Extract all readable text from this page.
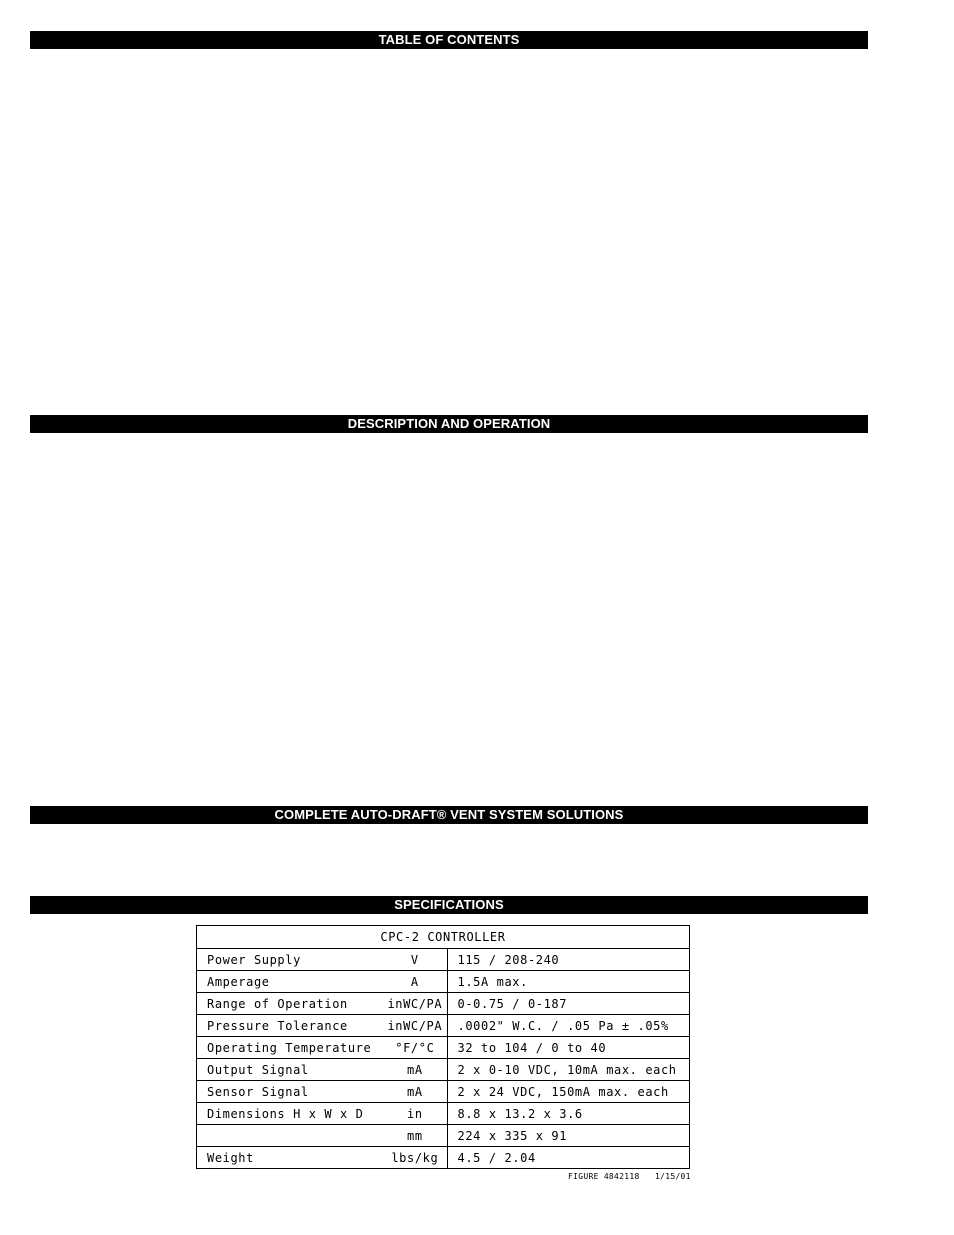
TABLE OF CONTENTS
DESCRIPTION AND OPERATION
COMPLETE AUTO-DRAFT® VENT SYSTEM SOLUTIONS
SPECIFICATIONS
CPC-2 CONTROLLER		
Power Supply	V	115 / 208-240
Amperage	A	1.5A max.
Range of Operation	inWC/PA	0-0.75 / 0-187
Pressure Tolerance	inWC/PA	.0002" W.C. / .05 Pa ± .05%
Operating Temperature	°F/°C	32 to 104 / 0 to 40
Output Signal	mA	2 x 0-10 VDC, 10mA max. each
Sensor Signal	mA	2 x 24 VDC, 150mA max. each
Dimensions H x W x D	in	8.8 x 13.2 x 3.6
	mm	224 x 335 x 91
Weight	lbs/kg	4.5 / 2.04
FIGURE 4842118   1/15/01
